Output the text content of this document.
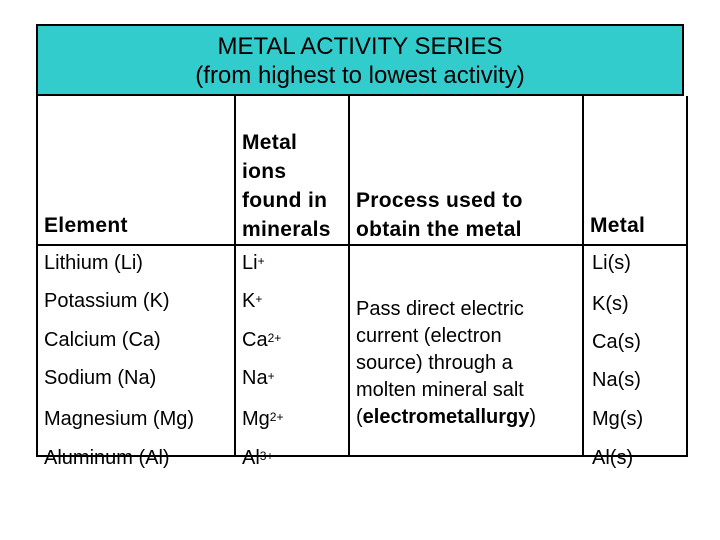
METAL ACTIVITY SERIES
(from highest to lowest activity)
Element
Metal
ions
found in
minerals
Process used to
obtain the metal	Metal
Lithium (Li)
Potassium (K)
Calcium (Ca)
Sodium (Na)
Magnesium (Mg)
Aluminum (Al)
Li+
K+
$Ca^{2+}$
Na+
$Mg^{2+}$
$Al^{3+}$
Pass direct electric
current (electron
source) through a
molten mineral salt
(electrometallurgy)
Li(s)
K(s)
Ca(s)
Na(s)
Mg(s)
Al(s)
